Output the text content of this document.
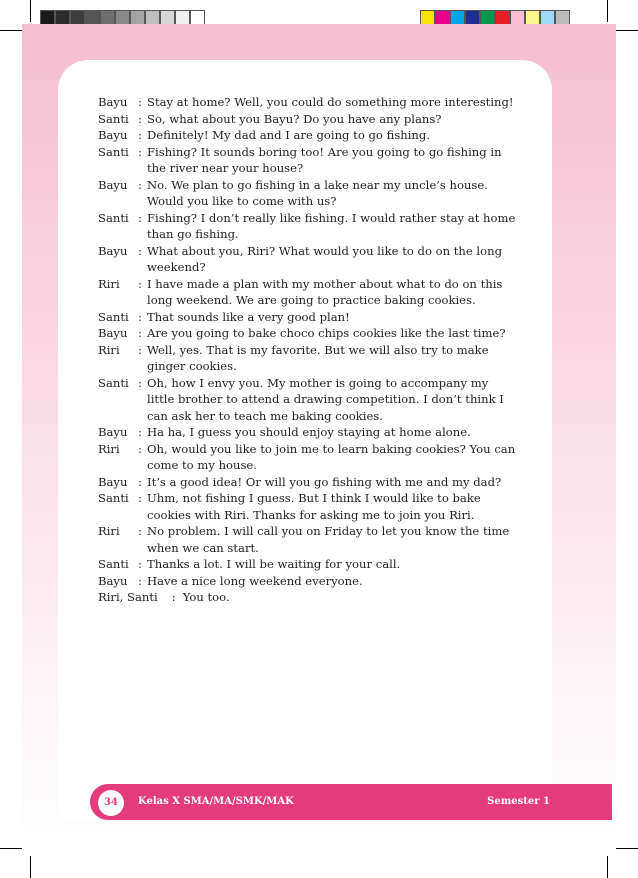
Bayu : Stay at home? Well, you could do something more interesting!
Santi : So, what about you Bayu? Do you have any plans?
Bayu : Definitely! My dad and I are going to go fishing.
Santi : Fishing? It sounds boring too! Are you going to go fishing in the river near your house?
Bayu : No. We plan to go fishing in a lake near my uncle’s house. Would you like to come with us?
Santi : Fishing? I don’t really like fishing. I would rather stay at home than go fishing.
Bayu : What about you, Riri? What would you like to do on the long weekend?
Riri	: I have made a plan with my mother about what to do on this long weekend. We are going to practice baking cookies.
Santi : That sounds like a very good plan!
Bayu : Are you going to bake choco chips cookies like the last time?
Riri	: Well, yes. That is my favorite. But we will also try to make ginger cookies.
Santi : Oh, how I envy you. My mother is going to accompany my little brother to attend a drawing competition. I don’t think I can ask her to teach me baking cookies.
Bayu : Ha ha, I guess you should enjoy staying at home alone.
Riri	: Oh, would you like to join me to learn baking cookies? You can come to my house.
Bayu : It’s a good idea! Or will you go fishing with me and my dad?
Santi : Uhm, not fishing I guess. But I think I would like to bake cookies with Riri. Thanks for asking me to join you Riri.
Riri	: No problem. I will call you on Friday to let you know the time when we can start.
Santi : Thanks a lot. I will be waiting for your call.
Bayu : Have a nice long weekend everyone.
Riri, Santi : You too.
34	Kelas X SMA/MA/SMK/MAK	Semester 1
